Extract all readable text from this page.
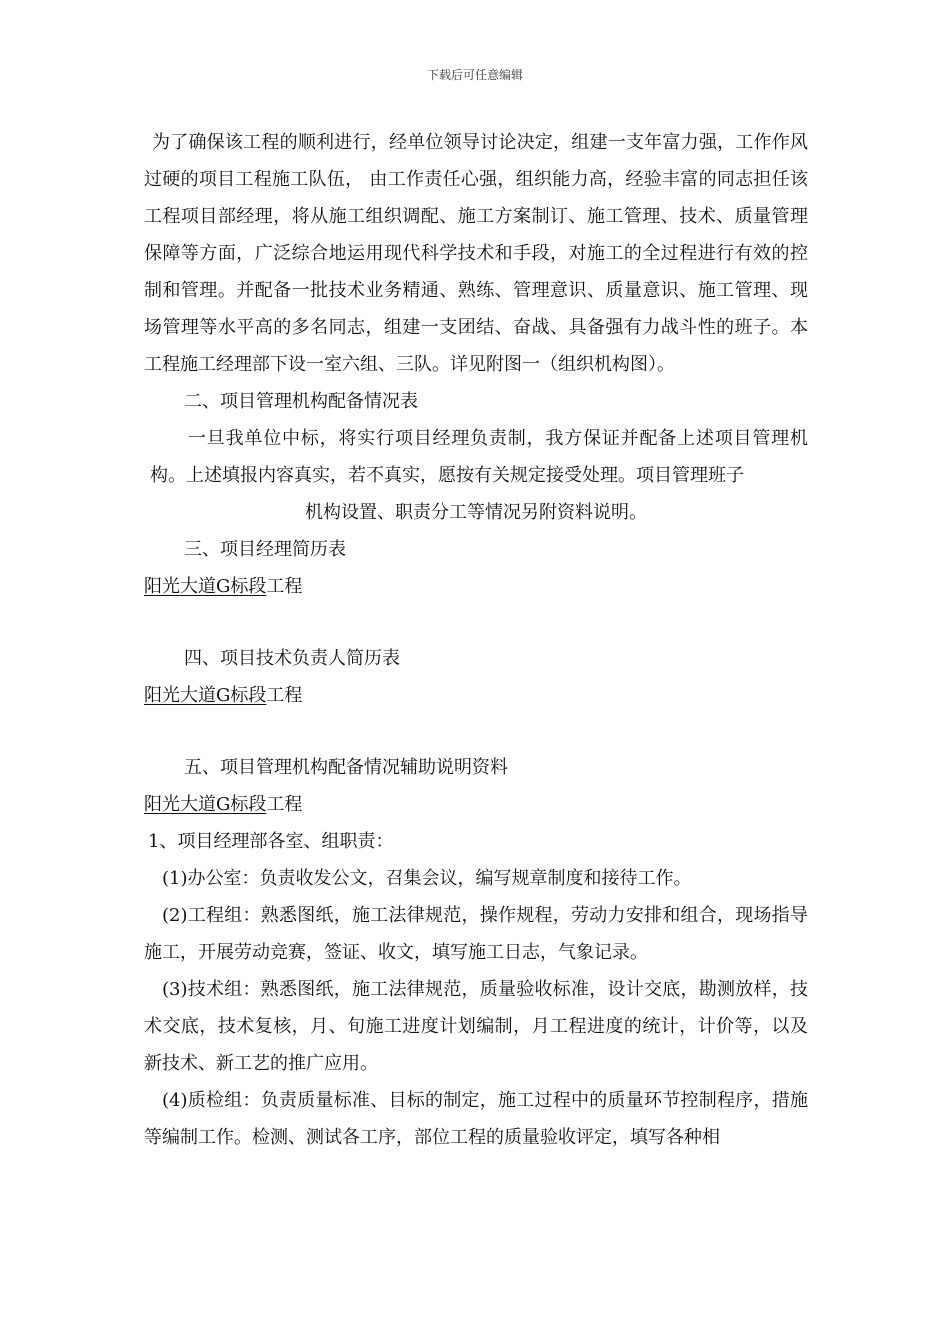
下载后可任意编辑

为了确保该工程的顺利进行，经单位领导讨论决定，组建一支年富力强，工作作风过硬的项目工程施工队伍， 由工作责任心强，组织能力高，经验丰富的同志担任该工程项目部经理，将从施工组织调配、施工方案制订、施工管理、技术、质量管理保障等方面，广泛综合地运用现代科学技术和手段，对施工的全过程进行有效的控制和管理。并配备一批技术业务精通、熟练、管理意识、质量意识、施工管理、现场管理等水平高的多名同志，组建一支团结、奋战、具备强有力战斗性的班子。本工程施工经理部下设一室六组、三队。详见附图一（组织机构图）。

二、项目管理机构配备情况表

一旦我单位中标，将实行项目经理负责制，我方保证并配备上述项目管理机构。上述填报内容真实，若不真实，愿按有关规定接受处理。项目管理班子

机构设置、职责分工等情况另附资料说明。

三、项目经理简历表

阳光大道G标段工程

四、项目技术负责人简历表

阳光大道G标段工程

五、项目管理机构配备情况辅助说明资料

阳光大道G标段工程

1、项目经理部各室、组职责：

(1)办公室：负责收发公文，召集会议，编写规章制度和接待工作。

(2)工程组：熟悉图纸，施工法律规范，操作规程，劳动力安排和组合，现场指导施工，开展劳动竞赛，签证、收文，填写施工日志，气象记录。

(3)技术组：熟悉图纸，施工法律规范，质量验收标准，设计交底，勘测放样，技术交底，技术复核，月、旬施工进度计划编制，月工程进度的统计，计价等，以及新技术、新工艺的推广应用。

(4)质检组：负责质量标准、目标的制定，施工过程中的质量环节控制程序，措施等编制工作。检测、测试各工序，部位工程的质量验收评定，填写各种相
